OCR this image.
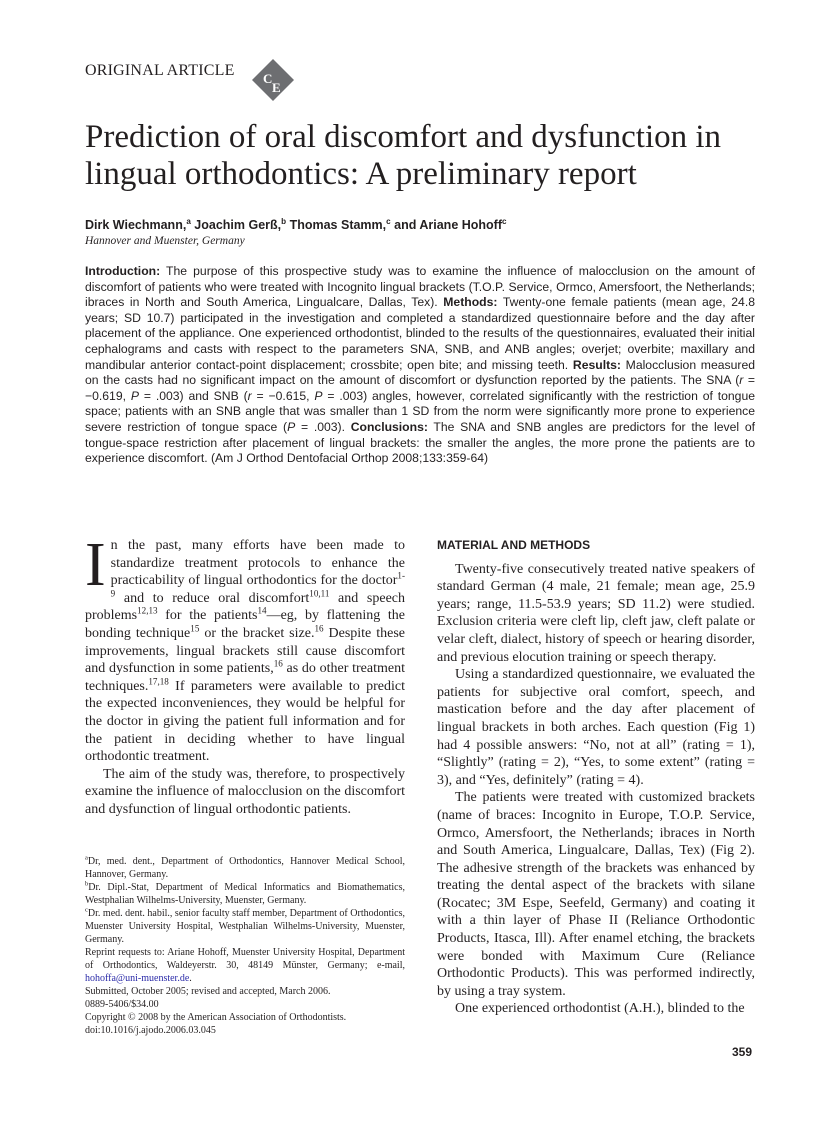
ORIGINAL ARTICLE C
E
Prediction of oral discomfort and dysfunction in lingual orthodontics: A preliminary report
Dirk Wiechmann,$^a$ Joachim Gerß,$^b$ Thomas Stamm,$^c$ and Ariane Hohoff$^c$
Hannover and Muenster, Germany
Introduction: The purpose of this prospective study was to examine the influence of malocclusion on the amount of discomfort of patients who were treated with Incognito lingual brackets (T.O.P. Service, Ormco, Amersfoort, the Netherlands; ibraces in North and South America, Lingualcare, Dallas, Tex). Methods: Twenty-one female patients (mean age, 24.8 years; SD 10.7) participated in the investigation and completed a standardized questionnaire before and the day after placement of the appliance. One experienced orthodontist, blinded to the results of the questionnaires, evaluated their initial cephalograms and casts with respect to the parameters SNA, SNB, and ANB angles; overjet; overbite; maxillary and mandibular anterior contact-point displacement; crossbite; open bite; and missing teeth. Results: Malocclusion measured on the casts had no significant impact on the amount of discomfort or dysfunction reported by the patients. The SNA (r = −0.619, P = .003) and SNB (r = −0.615, P = .003) angles, however, correlated significantly with the restriction of tongue space; patients with an SNB angle that was smaller than 1 SD from the norm were significantly more prone to experience severe restriction of tongue space (P = .003). Conclusions: The SNA and SNB angles are predictors for the level of tongue-space restriction after placement of lingual brackets: the smaller the angles, the more prone the patients are to experience discomfort. (Am J Orthod Dentofacial Orthop 2008;133:359-64)

In the past, many efforts have been made to standardize treatment protocols to enhance the practicability of lingual orthodontics for the doctor$^{1-9}$ and to reduce oral discomfort$^{10,11}$ and speech problems$^{12,13}$ for the patients$^{14}$—eg, by flattening the bonding technique$^{15}$ or the bracket size.$^{16}$ Despite these improvements, lingual brackets still cause discomfort and dysfunction in some patients,$^{16}$ as do other treatment techniques.$^{17,18}$ If parameters were available to predict the expected inconveniences, they would be helpful for the doctor in giving the patient full information and for the patient in deciding whether to have lingual orthodontic treatment.

The aim of the study was, therefore, to prospectively examine the influence of malocclusion on the discomfort and dysfunction of lingual orthodontic patients.

$^a$Dr, med. dent., Department of Orthodontics, Hannover Medical School, Hannover, Germany.
$^b$Dr. Dipl.-Stat, Department of Medical Informatics and Biomathematics, Westphalian Wilhelms-University, Muenster, Germany.
$^c$Dr. med. dent. habil., senior faculty staff member, Department of Orthodontics, Muenster University Hospital, Westphalian Wilhelms-University, Muenster, Germany.
Reprint requests to: Ariane Hohoff, Muenster University Hospital, Department of Orthodontics, Waldeyerstr. 30, 48149 Münster, Germany; e-mail, hohoffa@uni-muenster.de.
Submitted, October 2005; revised and accepted, March 2006.
0889-5406/$34.00
Copyright © 2008 by the American Association of Orthodontists.
doi:10.1016/j.ajodo.2006.03.045
MATERIAL AND METHODS

Twenty-five consecutively treated native speakers of standard German (4 male, 21 female; mean age, 25.9 years; range, 11.5-53.9 years; SD 11.2) were studied. Exclusion criteria were cleft lip, cleft jaw, cleft palate or velar cleft, dialect, history of speech or hearing disorder, and previous elocution training or speech therapy.

Using a standardized questionnaire, we evaluated the patients for subjective oral comfort, speech, and mastication before and the day after placement of lingual brackets in both arches. Each question (Fig 1) had 4 possible answers: “No, not at all” (rating = 1), “Slightly” (rating = 2), “Yes, to some extent” (rating = 3), and “Yes, definitely” (rating = 4).

The patients were treated with customized brackets (name of braces: Incognito in Europe, T.O.P. Service, Ormco, Amersfoort, the Netherlands; ibraces in North and South America, Lingualcare, Dallas, Tex) (Fig 2). The adhesive strength of the brackets was enhanced by treating the dental aspect of the brackets with silane (Rocatec; 3M Espe, Seefeld, Germany) and coating it with a thin layer of Phase II (Reliance Orthodontic Products, Itasca, Ill). After enamel etching, the brackets were bonded with Maximum Cure (Reliance Orthodontic Products). This was performed indirectly, by using a tray system.

One experienced orthodontist (A.H.), blinded to the

359
